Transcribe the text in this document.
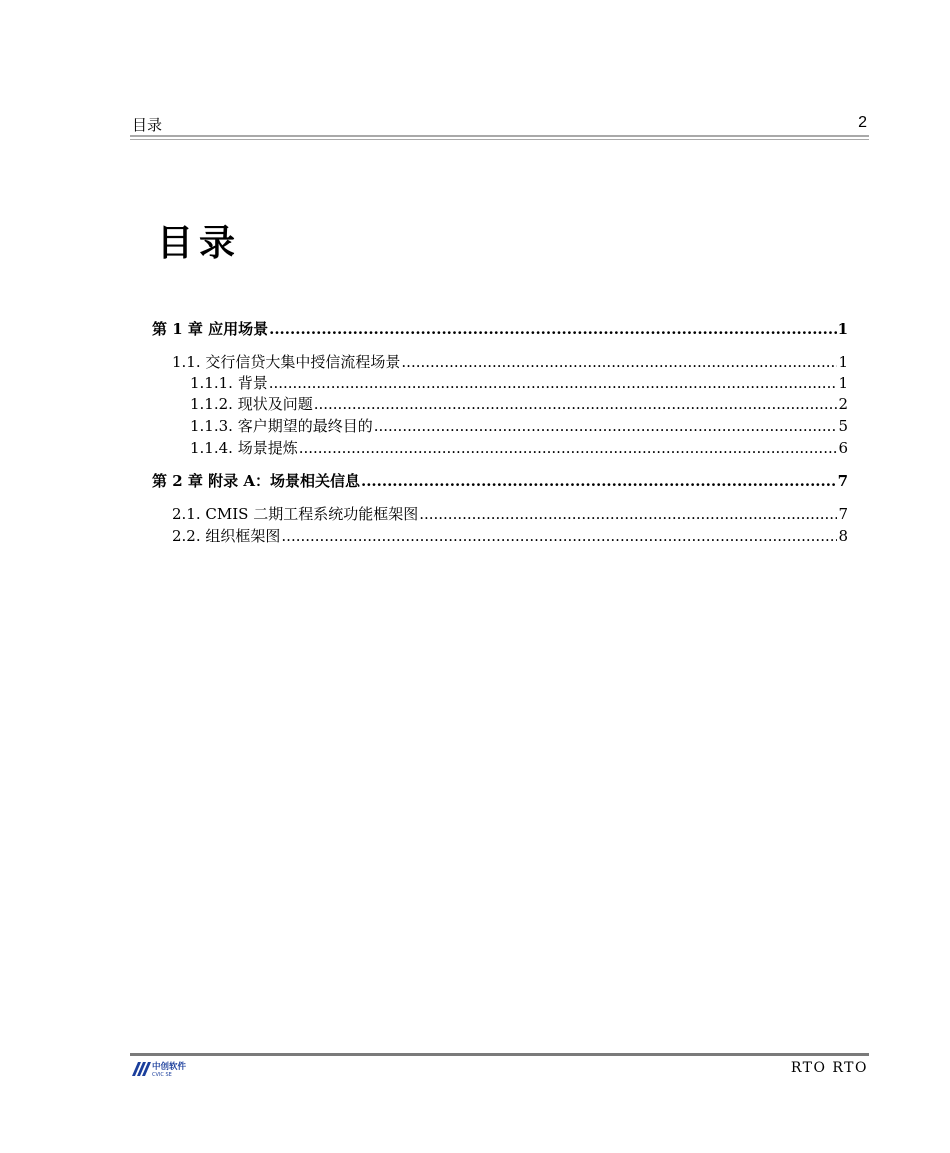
目录	2
目录
第 1 章 应用场景 .....	1
1.1. 交行信贷大集中授信流程场景 .....	1
1.1.1. 背景 .....	1
1.1.2. 现状及问题 .....	2
1.1.3. 客户期望的最终目的 .....	5
1.1.4. 场景提炼 .....	6
第 2 章 附录 A：场景相关信息 .....	7
2.1. CMIS 二期工程系统功能框架图 .....	7
2.2. 组织框架图 .....	8
中创软件
CVIC SE	RTO RTO
